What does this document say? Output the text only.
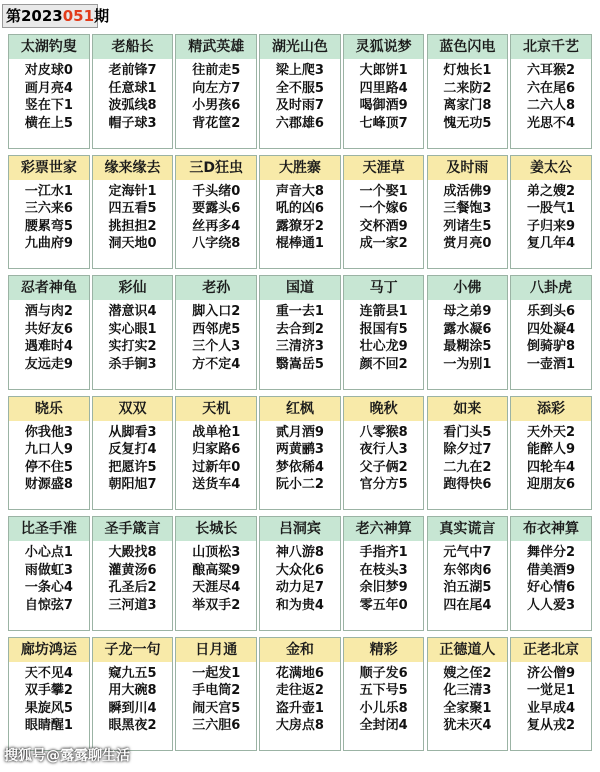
第2023051期
太湖钓叟
对皮球0
画月亮4
竖在下1
横在上5
老船长
老前锋7
任意球1
波弧线8
帽子球3
精武英雄
往前走5
向左方7
小男孩6
背花筐2
湖光山色
梁上爬3
全不服5
及时雨7
六郡雄6
灵狐说梦
大郎饼1
四里路4
喝御酒9
七峰顶7
蓝色闪电
灯烛长1
二来防2
离家门8
愧无功5
北京千艺
六耳猴2
六在尾6
二六人8
光思不4
彩票世家
一江水1
三六来6
腰累弯5
九曲府9
缘来缘去
定海针1
四五看5
挑担担2
洞天地0
三D狂虫
千头绪0
要露头6
丝再多4
八字绕8
大胜寨
声音大8
吼的凶6
露獠牙2
棍棒通1
天涯草
一个娶1
一个嫁6
交杯酒9
成一家2
及时雨
成活佛9
三餐饱3
列诸生5
赏月亮0
姜太公
弟之嫂2
一股气1
子归来9
复几年4
忍者神龟
酒与肉2
共好友6
遇难时4
友远走9
彩仙
潜意识4
实心眼1
实打实2
杀手锏3
老孙
脚入口2
西邻虎5
三个人3
方不定4
国道
重一去1
去合到2
三清济3
翳嵩岳5
马丁
连箭县1
报国有5
壮心龙9
颜不回2
小佛
母之弟9
露水凝6
最糊涂5
一为别1
八卦虎
乐到头6
四处凝4
倒骑驴8
一壶酒1
晓乐
你我他3
九口人9
停不住5
财源盛8
双双
从脚看3
反复打4
把愿许5
朝阳旭7
天机
战单枪1
归家路6
过新年0
送货车4
红枫
贰月酒9
两黄鹂3
梦依稀4
阮小二2
晚秋
八零猴8
夜行人3
父子俩2
官分方5
如来
看门头5
除夕过7
二九在2
跑得快6
添彩
天外天2
能醉人9
四轮车4
迎朋友6
比圣手准
小心点1
雨做虹3
一条心4
自惊弦7
圣手箴言
大殿找8
灌黄汤6
孔圣后2
三河道3
长城长
山顶松3
酿高粱9
天涯尽4
举双手2
吕洞宾
神八游8
大众化6
动力足7
和为贵4
老六神算
手指齐1
在枝头3
余旧梦9
零五年0
真实谎言
元气中7
东邻肉6
泊五湖5
四在尾4
布衣神算
舞伴分2
借美酒9
好心情6
人人爱3
廊坊鸿运
天不见4
双手攀2
果旋风5
眼睛醒1
子龙一句
窥九五5
用大碗8
瞬到川4
眼黑夜2
日月通
一起发1
手电筒2
闹天宫5
三六胆6
金和
花满地6
走往返2
盗升壶1
大房点8
精彩
顺子发6
五下号5
小儿乐8
全封闭4
正德道人
嫂之侄2
化三清3
全家聚1
犹未灭4
正老北京
济公僧9
一觉足1
业早成4
复从戎2
搜狐号@露露聊生活
